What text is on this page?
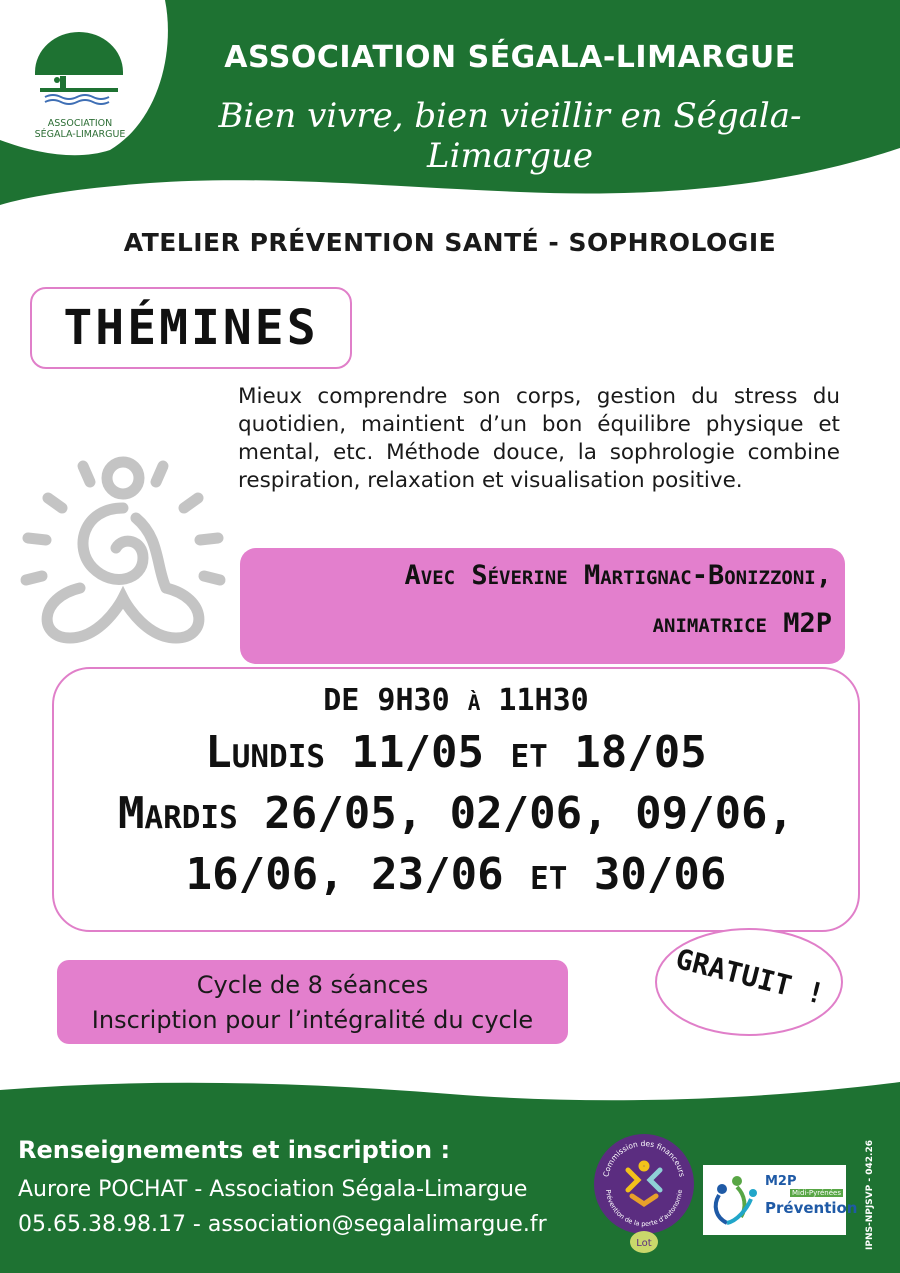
ASSOCIATION
SÉGALA-LIMARGUE
ASSOCIATION SÉGALA-LIMARGUE
Bien vivre, bien vieillir en Ségala-Limargue
ATELIER PRÉVENTION SANTÉ - SOPHROLOGIE
THÉMINES
Mieux comprendre son corps, gestion du stress du quotidien, maintient d’un bon équilibre physique et mental, etc. Méthode douce, la sophrologie combine respiration, relaxation et visualisation positive.
Avec Séverine Martignac-Bonizzoni,
animatrice M2P
DE 9H30 à 11H30
Lundis 11/05 et 18/05
Mardis 26/05, 02/06, 09/06,
16/06, 23/06 et 30/06
GRATUIT !
Cycle de 8 séances
Inscription pour l’intégralité du cycle
Renseignements et inscription :
Aurore POCHAT - Association Ségala-Limargue
05.65.38.98.17 - association@segalalimargue.fr
Commission des financeurs
Prévention de la perte d’autonomie
Lot
M2P
Midi-Pyrénées
Prévention IPNS-NPJSVP - 042.26
